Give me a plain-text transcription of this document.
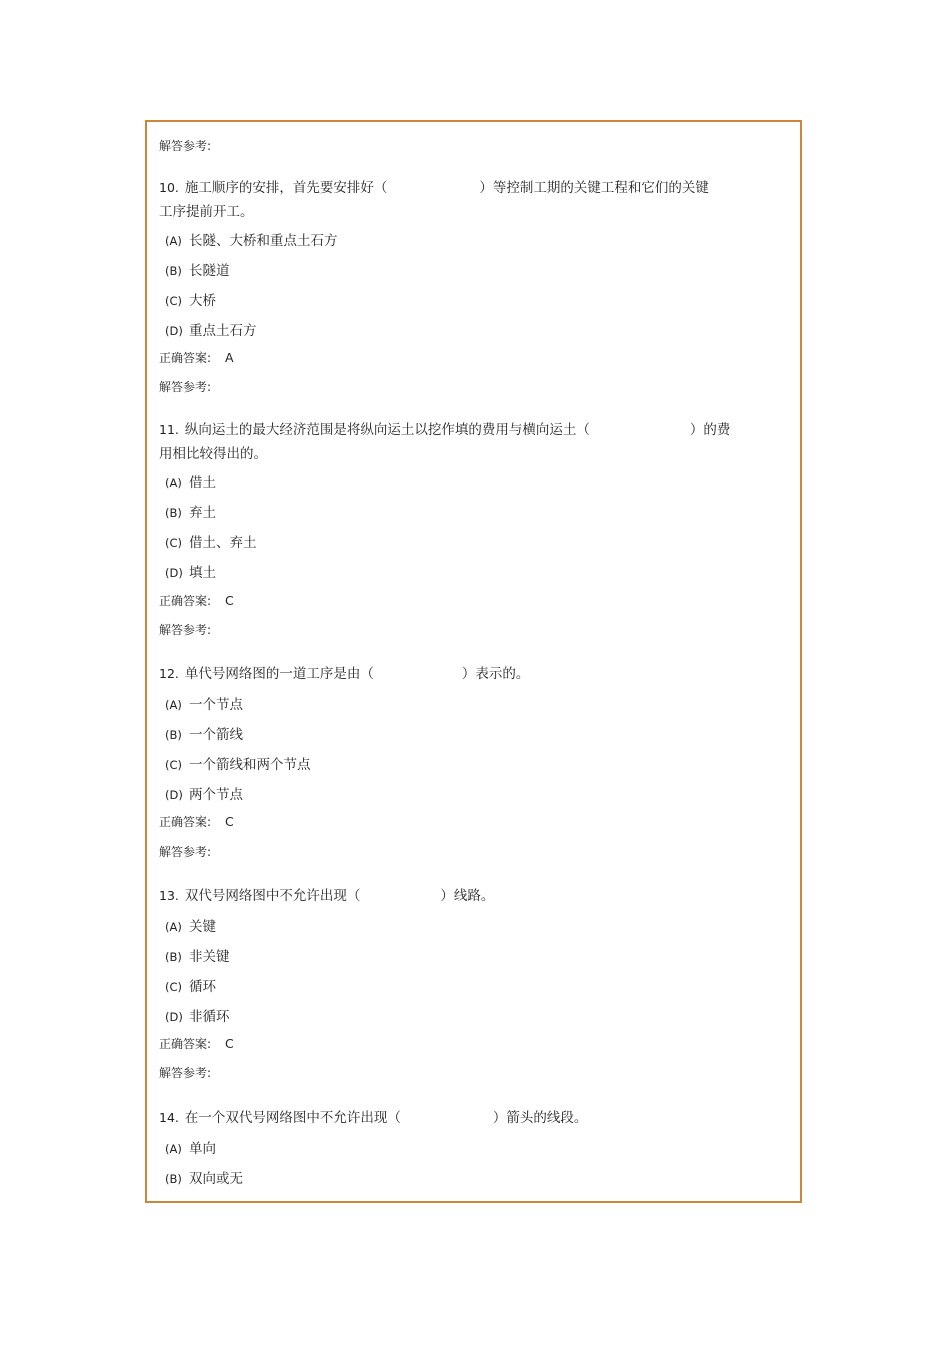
解答参考:
10. 施工顺序的安排，首先要安排好（	）等控制工期的关键工程和它们的关键
工序提前开工。
(A) 长隧、大桥和重点土石方
(B) 长隧道
(C) 大桥
(D) 重点土石方
正确答案: A
解答参考:
11. 纵向运土的最大经济范围是将纵向运土以挖作填的费用与横向运土（	）的费
用相比较得出的。
(A) 借土
(B) 弃土
(C) 借土、弃土
(D) 填土
正确答案: C
解答参考:
12. 单代号网络图的一道工序是由（	）表示的。
(A) 一个节点
(B) 一个箭线
(C) 一个箭线和两个节点
(D) 两个节点
正确答案: C
解答参考:
13. 双代号网络图中不允许出现（	）线路。
(A) 关键
(B) 非关键
(C) 循环
(D) 非循环
正确答案: C
解答参考:
14. 在一个双代号网络图中不允许出现（	）箭头的线段。
(A) 单向
(B) 双向或无
